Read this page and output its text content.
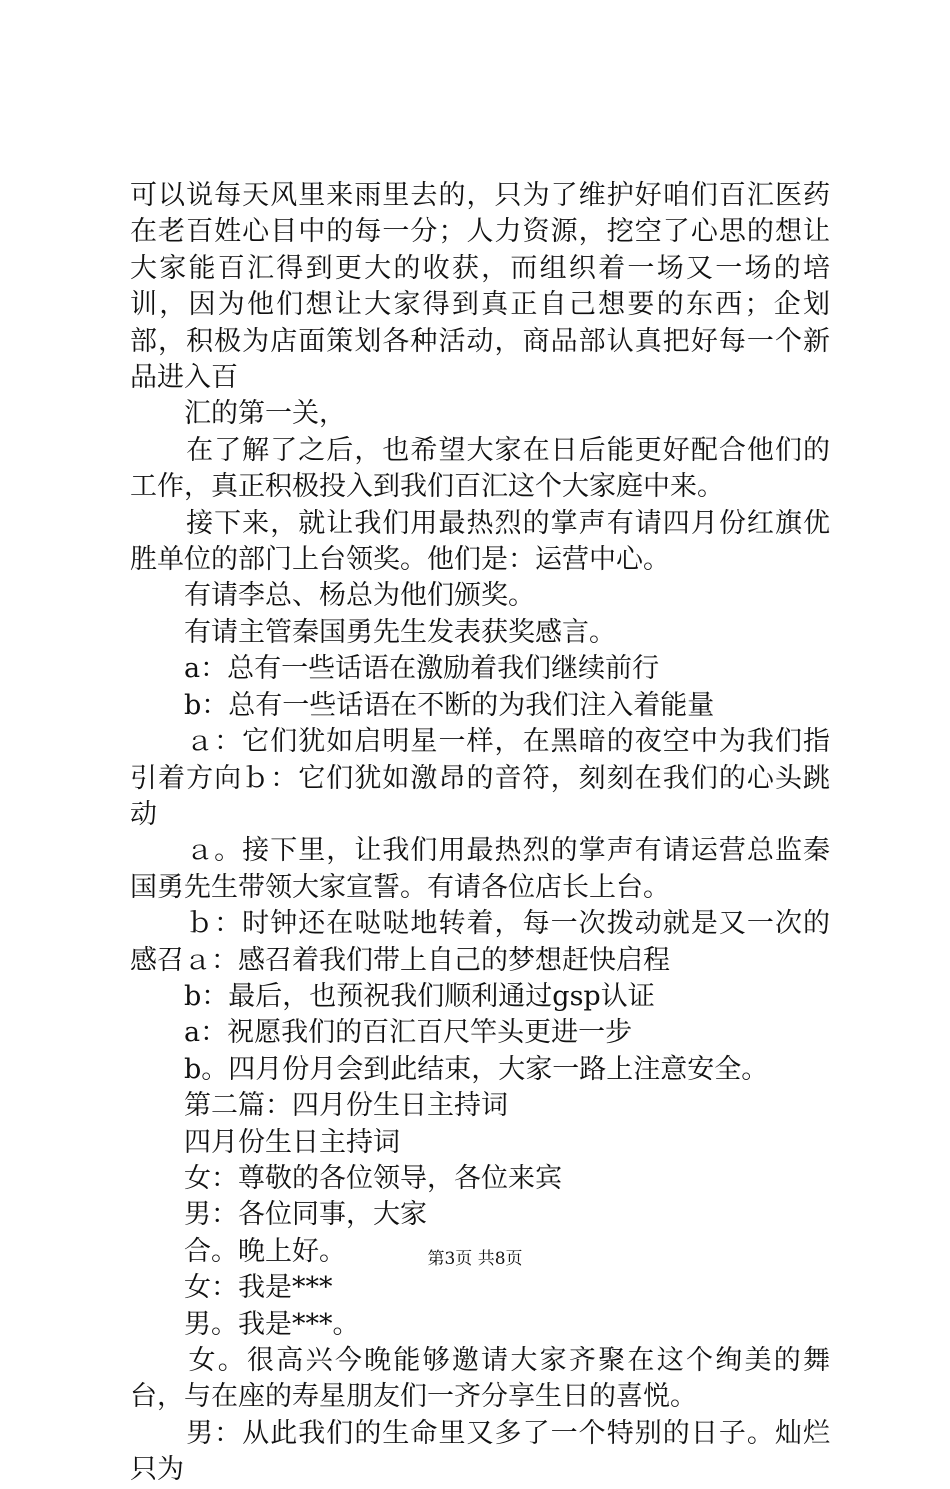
可以说每天风里来雨里去的，只为了维护好咱们百汇医药在老百姓心目中的每一分；人力资源，挖空了心思的想让大家能百汇得到更大的收获，而组织着一场又一场的培训，因为他们想让大家得到真正自己想要的东西；企划部，积极为店面策划各种活动，商品部认真把好每一个新品进入百

　　汇的第一关，

　　在了解了之后，也希望大家在日后能更好配合他们的工作，真正积极投入到我们百汇这个大家庭中来。

　　接下来，就让我们用最热烈的掌声有请四月份红旗优胜单位的部门上台领奖。他们是：运营中心。

　　有请李总、杨总为他们颁奖。

　　有请主管秦国勇先生发表获奖感言。

　　a：总有一些话语在激励着我们继续前行

　　b：总有一些话语在不断的为我们注入着能量

　　ａ：它们犹如启明星一样，在黑暗的夜空中为我们指引着方向ｂ：它们犹如激昂的音符，刻刻在我们的心头跳动

　　ａ。接下里，让我们用最热烈的掌声有请运营总监秦国勇先生带领大家宣誓。有请各位店长上台。

　　ｂ：时钟还在哒哒地转着，每一次拨动就是又一次的感召ａ：感召着我们带上自己的梦想赶快启程

　　b：最后，也预祝我们顺利通过gsp认证

　　a：祝愿我们的百汇百尺竿头更进一步

　　b。四月份月会到此结束，大家一路上注意安全。

　　第二篇：四月份生日主持词

　　四月份生日主持词

　　女：尊敬的各位领导，各位来宾

　　男：各位同事，大家

　　合。晚上好。

　　女：我是***

　　男。我是***。

　　女。很高兴今晚能够邀请大家齐聚在这个绚美的舞台，与在座的寿星朋友们一齐分享生日的喜悦。

　　男：从此我们的生命里又多了一个特别的日子。灿烂只为

第3页 共8页
